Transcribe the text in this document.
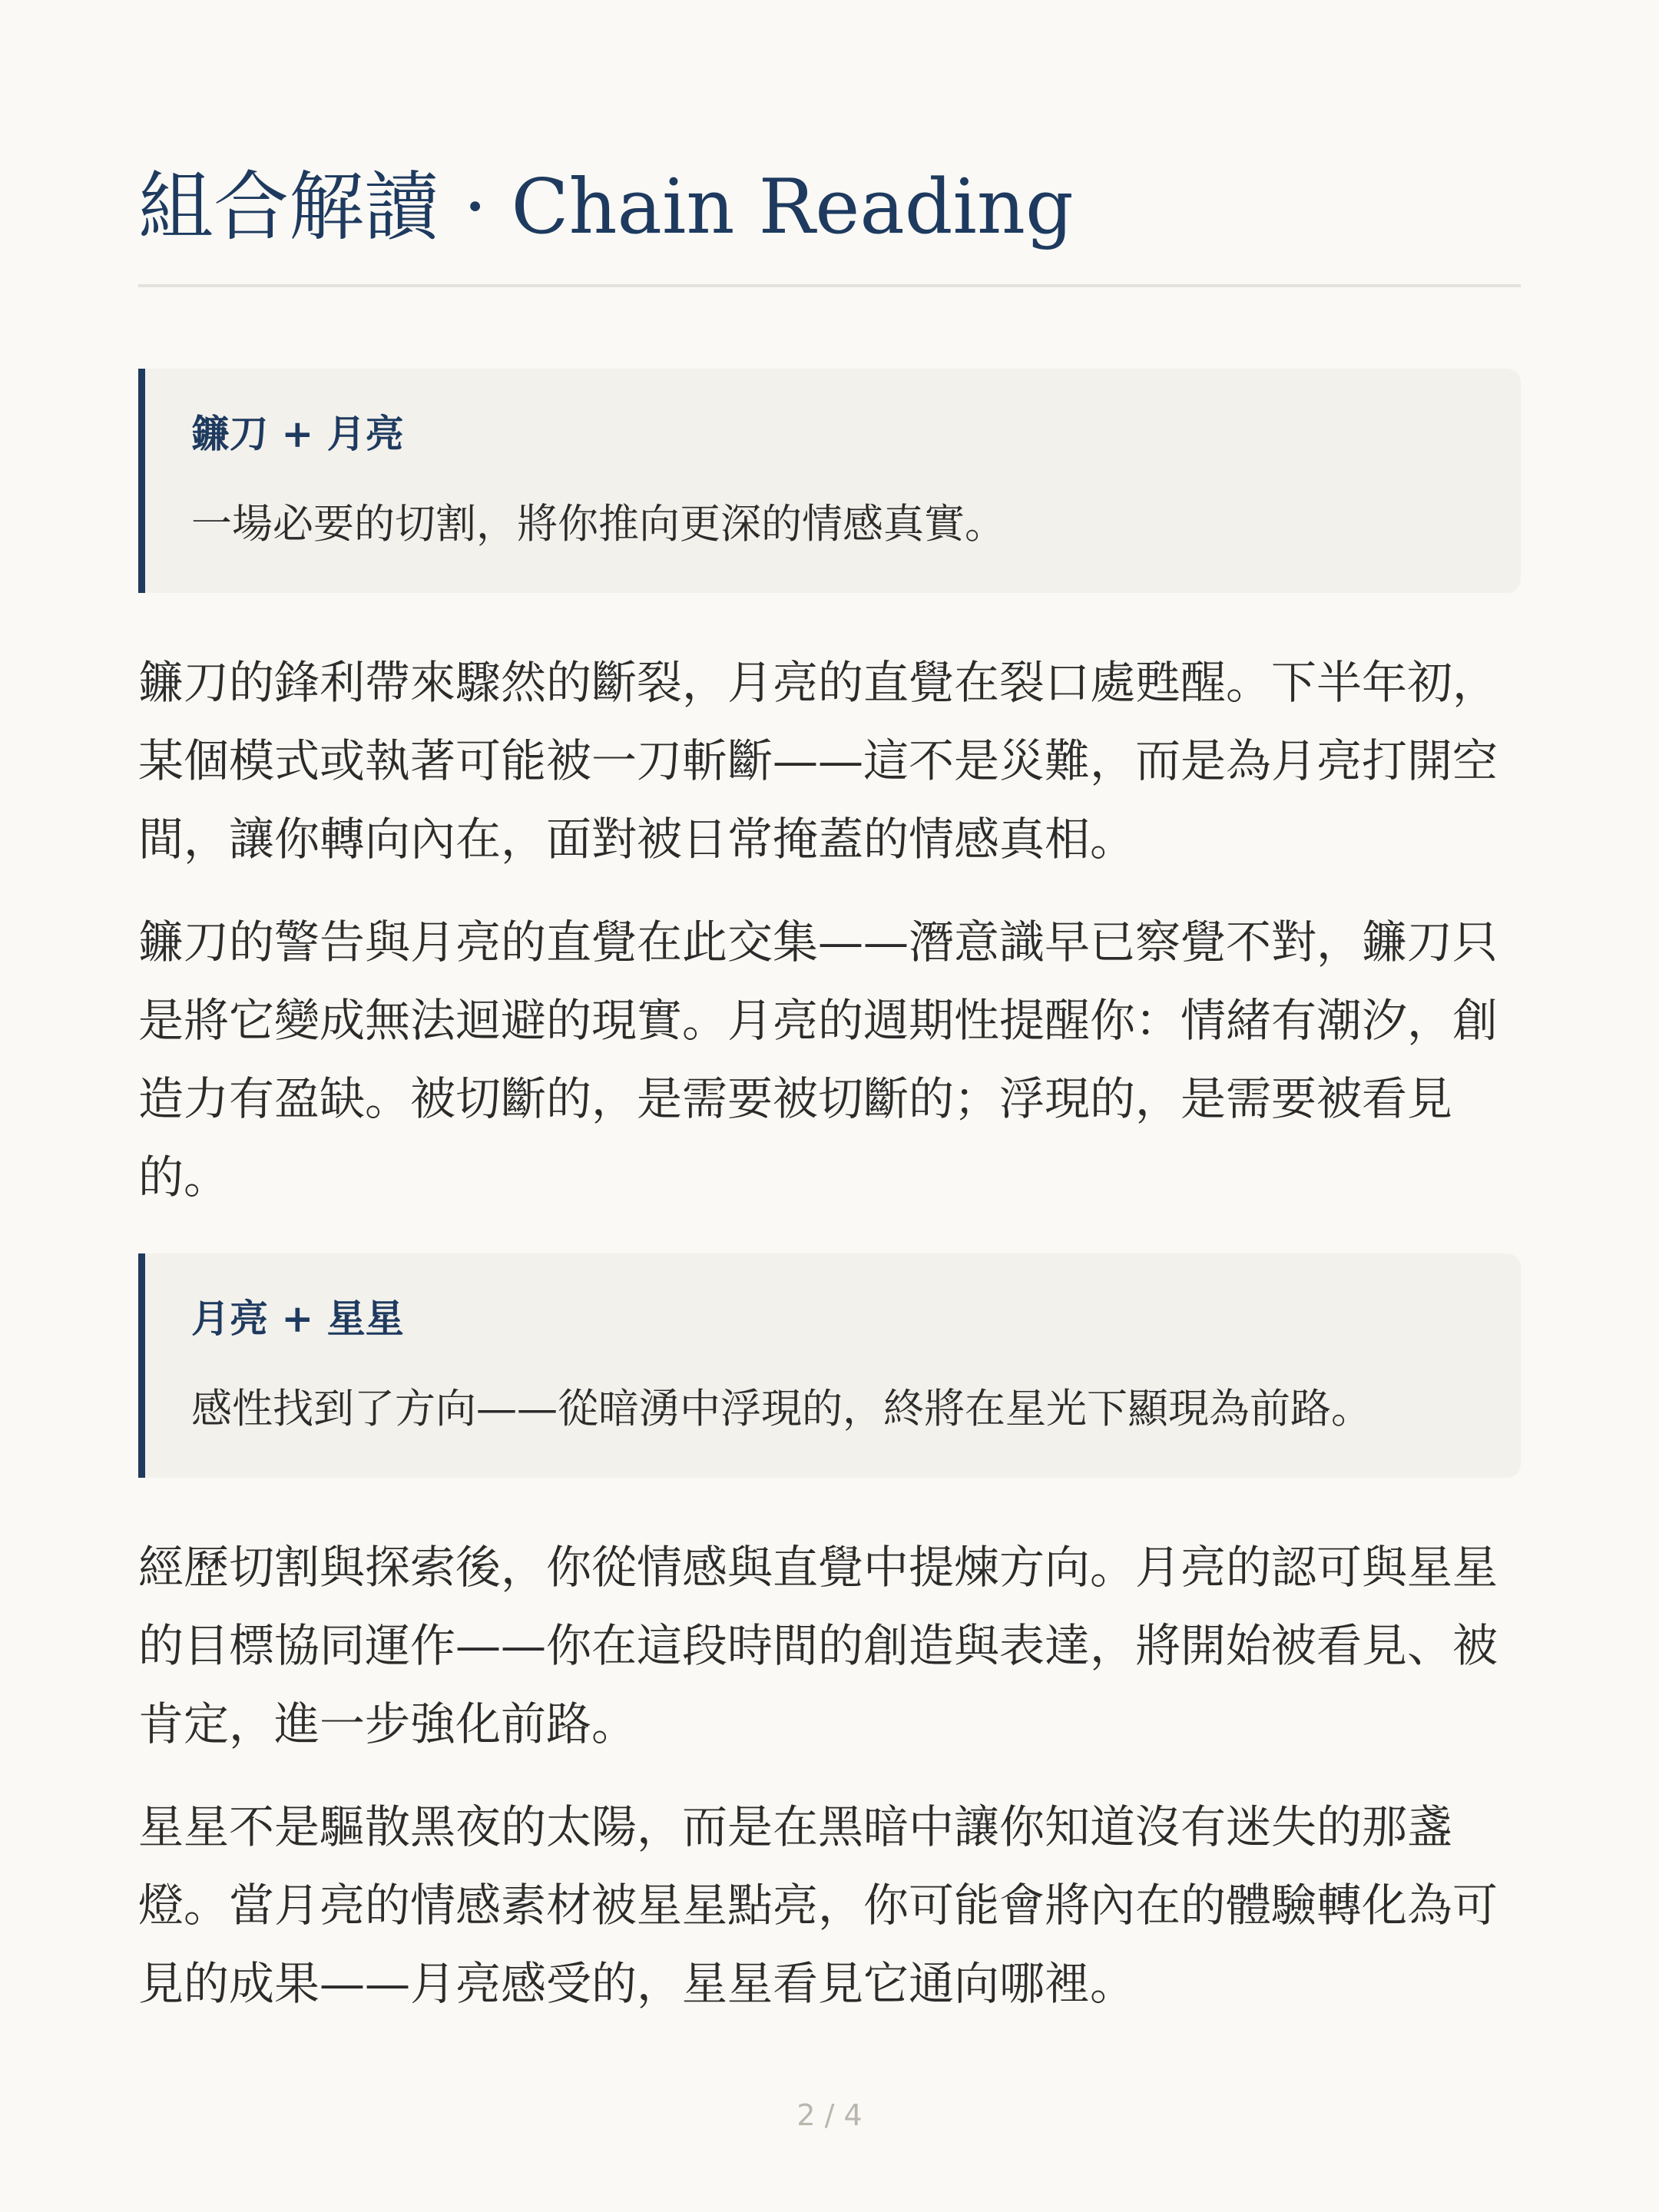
組合解讀 · Chain Reading

鐮刀 + 月亮

一場必要的切割，將你推向更深的情感真實。

鐮刀的鋒利帶來驟然的斷裂，月亮的直覺在裂口處甦醒。下半年初，
某個模式或執著可能被一刀斬斷——這不是災難，而是為月亮打開空
間，讓你轉向內在，面對被日常掩蓋的情感真相。

鐮刀的警告與月亮的直覺在此交集——潛意識早已察覺不對，鐮刀只
是將它變成無法迴避的現實。月亮的週期性提醒你：情緒有潮汐，創
造力有盈缺。被切斷的，是需要被切斷的；浮現的，是需要被看見
的。

月亮 + 星星

感性找到了方向——從暗湧中浮現的，終將在星光下顯現為前路。

經歷切割與探索後，你從情感與直覺中提煉方向。月亮的認可與星星
的目標協同運作——你在這段時間的創造與表達，將開始被看見、被
肯定，進一步強化前路。

星星不是驅散黑夜的太陽，而是在黑暗中讓你知道沒有迷失的那盞
燈。當月亮的情感素材被星星點亮，你可能會將內在的體驗轉化為可
見的成果——月亮感受的，星星看見它通向哪裡。

2 / 4
